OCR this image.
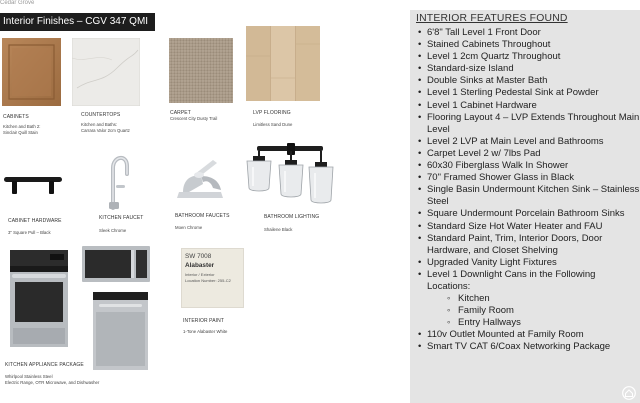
Cedar Grove
Interior Finishes – CGV 347 QMI
CABINETS
Kitchen and Bath 2:
Sinclair Quill Stain
COUNTERTOPS
Kitchen and Baths:
Carrara Valor 2cm Quartz
CARPET
Crescent City Dusty Trail
LVP FLOORING
Limitless Sand Dune
CABINET HARDWARE
3" Square Pull – Black
KITCHEN FAUCET
Sleek Chrome
BATHROOM FAUCETS
Moen Chrome
BATHROOM LIGHTING
Shailene Black
KITCHEN APPLIANCE PACKAGE
Whirlpool Stainless Steel
Electric Range, OTR Microwave, and Dishwasher
SW 7008
Alabaster
Interior / Exterior
Location Number: 255-C2
INTERIOR PAINT
1-Tone Alabaster White
INTERIOR FEATURES FOUND
• 6'8" Tall Level 1 Front Door
• Stained Cabinets Throughout
• Level 1 2cm Quartz Throughout
• Standard-size Island
• Double Sinks at Master Bath
• Level 1 Sterling Pedestal Sink at Powder
• Level 1 Cabinet Hardware
• Flooring Layout 4 – LVP Extends Throughout Main Level
• Level 2 LVP at Main Level and Bathrooms
• Carpet Level 2 w/ 7lbs Pad
• 60x30 Fiberglass Walk In Shower
• 70" Framed Shower Glass in Black
• Single Basin Undermount Kitchen Sink – Stainless Steel
• Square Undermount Porcelain Bathroom Sinks
• Standard Size Hot Water Heater and FAU
• Standard Paint, Trim, Interior Doors, Door Hardware, and Closet Shelving
• Upgraded Vanity Light Fixtures
• Level 1 Downlight Cans in the Following Locations:
◦ Kitchen
◦ Family Room
◦ Entry Hallways
• 110v Outlet Mounted at Family Room
• Smart TV CAT 6/Coax Networking Package
